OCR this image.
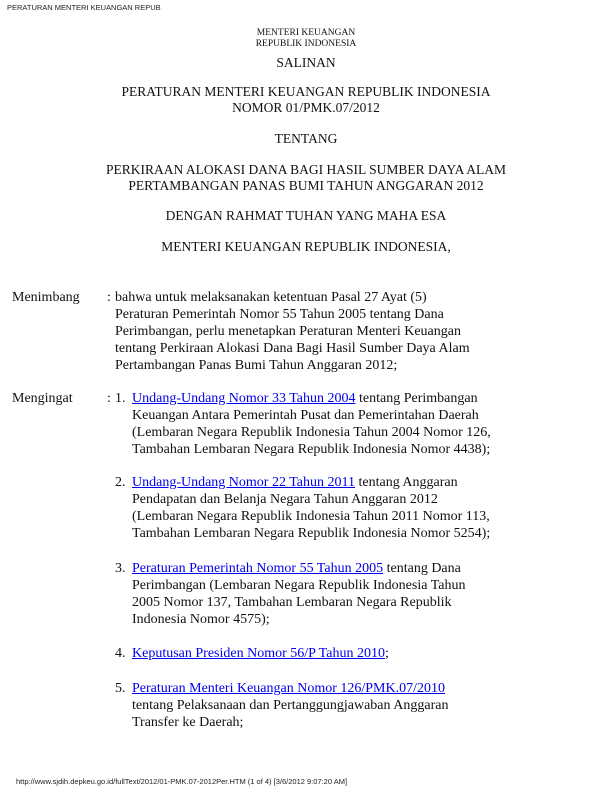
PERATURAN MENTERI KEUANGAN REPUB
MENTERI KEUANGAN
REPUBLIK INDONESIA
SALINAN
PERATURAN MENTERI KEUANGAN REPUBLIK INDONESIA
NOMOR 01/PMK.07/2012
TENTANG
PERKIRAAN ALOKASI DANA BAGI HASIL SUMBER DAYA ALAM
PERTAMBANGAN PANAS BUMI TAHUN ANGGARAN 2012
DENGAN RAHMAT TUHAN YANG MAHA ESA
MENTERI KEUANGAN REPUBLIK INDONESIA,
Menimbang : bahwa untuk melaksanakan ketentuan Pasal 27 Ayat (5)
Peraturan Pemerintah Nomor 55 Tahun 2005 tentang Dana
Perimbangan, perlu menetapkan Peraturan Menteri Keuangan
tentang Perkiraan Alokasi Dana Bagi Hasil Sumber Daya Alam
Pertambangan Panas Bumi Tahun Anggaran 2012;
Mengingat : 1. Undang-Undang Nomor 33 Tahun 2004 tentang Perimbangan
Keuangan Antara Pemerintah Pusat dan Pemerintahan Daerah
(Lembaran Negara Republik Indonesia Tahun 2004 Nomor 126,
Tambahan Lembaran Negara Republik Indonesia Nomor 4438);
2. Undang-Undang Nomor 22 Tahun 2011 tentang Anggaran
Pendapatan dan Belanja Negara Tahun Anggaran 2012
(Lembaran Negara Republik Indonesia Tahun 2011 Nomor 113,
Tambahan Lembaran Negara Republik Indonesia Nomor 5254);
3. Peraturan Pemerintah Nomor 55 Tahun 2005 tentang Dana
Perimbangan (Lembaran Negara Republik Indonesia Tahun
2005 Nomor 137, Tambahan Lembaran Negara Republik
Indonesia Nomor 4575);
4. Keputusan Presiden Nomor 56/P Tahun 2010;
5. Peraturan Menteri Keuangan Nomor 126/PMK.07/2010
tentang Pelaksanaan dan Pertanggungjawaban Anggaran
Transfer ke Daerah;
http://www.sjdih.depkeu.go.id/fullText/2012/01-PMK.07-2012Per.HTM (1 of 4) [3/6/2012 9:07:20 AM]
